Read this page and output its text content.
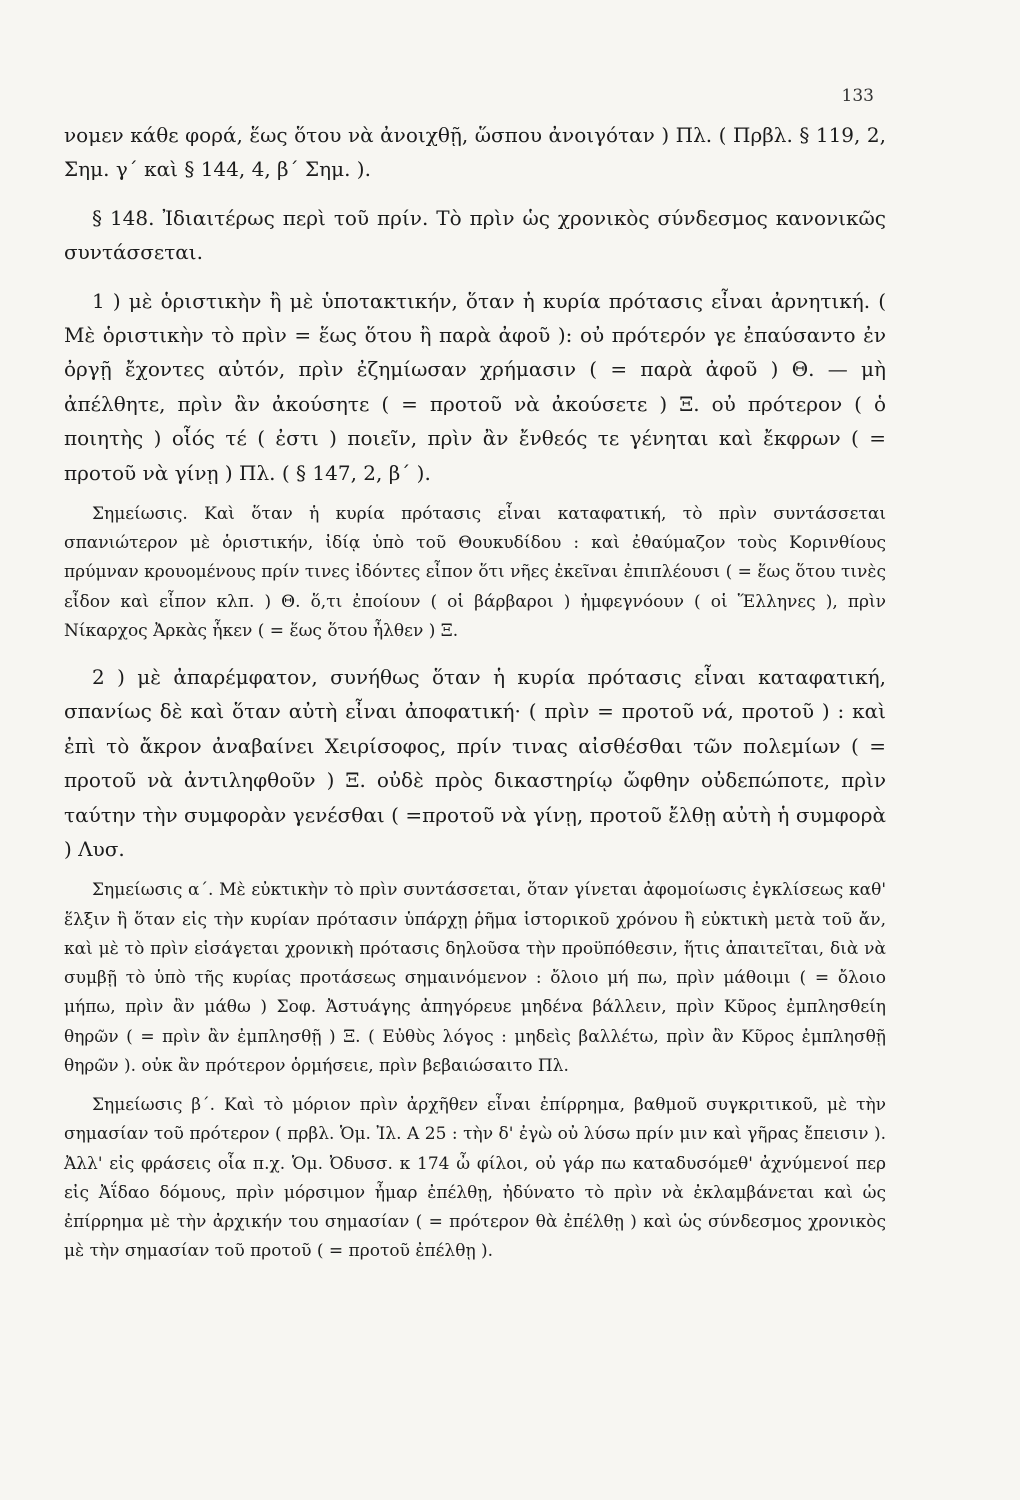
133

νομεν κάθε φορά, ἕως ὅτου νὰ ἀνοιχθῇ, ὥσπου ἀνοιγόταν ) Πλ. ( Πρβλ. § 119, 2, Σημ. γ΄ καὶ § 144, 4, β΄ Σημ. ).

§ 148. Ἰδιαιτέρως περὶ τοῦ πρίν. Τὸ πρὶν ὡς χρονικὸς σύνδεσμος κανονικῶς συντάσσεται.

1 ) μὲ ὁριστικὴν ἢ μὲ ὑποτακτικήν, ὅταν ἡ κυρία πρότασις εἶναι ἀρνητική. ( Μὲ ὁριστικὴν τὸ πρὶν = ἕως ὅτου ἢ παρὰ ἀφοῦ ): οὐ πρότερόν γε ἐπαύσαντο ἐν ὀργῇ ἔχοντες αὐτόν, πρὶν ἐζημίωσαν χρήμασιν ( = παρὰ ἀφοῦ ) Θ. — μὴ ἀπέλθητε, πρὶν ἂν ἀκούσητε ( = προτοῦ νὰ ἀκούσετε ) Ξ. οὐ πρότερον ( ὁ ποιητὴς ) οἷός τέ ( ἐστι ) ποιεῖν, πρὶν ἂν ἔνθεός τε γένηται καὶ ἔκφρων ( = προτοῦ νὰ γίνῃ ) Πλ. ( § 147, 2, β΄ ).

Σημείωσις. Καὶ ὅταν ἡ κυρία πρότασις εἶναι καταφατική, τὸ πρὶν συντάσσεται σπανιώτερον μὲ ὁριστικήν, ἰδίᾳ ὑπὸ τοῦ Θουκυδίδου : καὶ ἐθαύμαζον τοὺς Κορινθίους πρύμναν κρουομένους πρίν τινες ἰδόντες εἶπον ὅτι νῆες ἐκεῖναι ἐπιπλέουσι ( = ἕως ὅτου τινὲς εἶδον καὶ εἶπον κλπ. ) Θ. ὅ,τι ἐποίουν ( οἱ βάρβαροι ) ἠμφεγνόουν ( οἱ Ἕλληνες ), πρὶν Νίκαρχος Ἀρκὰς ἧκεν ( = ἕως ὅτου ἦλθεν ) Ξ.

2 ) μὲ ἀπαρέμφατον, συνήθως ὅταν ἡ κυρία πρότασις εἶναι καταφατική, σπανίως δὲ καὶ ὅταν αὐτὴ εἶναι ἀποφατική· ( πρὶν = προτοῦ νά, προτοῦ ) : καὶ ἐπὶ τὸ ἄκρον ἀναβαίνει Χειρίσοφος, πρίν τινας αἰσθέσθαι τῶν πολεμίων ( = προτοῦ νὰ ἀντιληφθοῦν ) Ξ. οὐδὲ πρὸς δικαστηρίῳ ὤφθην οὐδεπώποτε, πρὶν ταύτην τὴν συμφορὰν γενέσθαι ( =προτοῦ νὰ γίνῃ, προτοῦ ἔλθῃ αὐτὴ ἡ συμφορὰ ) Λυσ.

Σημείωσις α΄. Μὲ εὐκτικὴν τὸ πρὶν συντάσσεται, ὅταν γίνεται ἀφομοίωσις ἐγκλίσεως καθ' ἕλξιν ἢ ὅταν εἰς τὴν κυρίαν πρότασιν ὑπάρχῃ ῥῆμα ἱστορικοῦ χρόνου ἢ εὐκτικὴ μετὰ τοῦ ἄν, καὶ μὲ τὸ πρὶν εἰσάγεται χρονικὴ πρότασις δηλοῦσα τὴν προϋπόθεσιν, ἥτις ἀπαιτεῖται, διὰ νὰ συμβῇ τὸ ὑπὸ τῆς κυρίας προτάσεως σημαινόμενον : ὄλοιο μή πω, πρὶν μάθοιμι ( = ὄλοιο μήπω, πρὶν ἂν μάθω ) Σοφ. Ἀστυάγης ἀπηγόρευε μηδένα βάλλειν, πρὶν Κῦρος ἐμπλησθείη θηρῶν ( = πρὶν ἂν ἐμπλησθῇ ) Ξ. ( Εὐθὺς λόγος : μηδεὶς βαλλέτω, πρὶν ἂν Κῦρος ἐμπλησθῇ θηρῶν ). οὐκ ἂν πρότερον ὁρμήσειε, πρὶν βεβαιώσαιτο Πλ.

Σημείωσις β΄. Καὶ τὸ μόριον πρὶν ἀρχῆθεν εἶναι ἐπίρρημα, βαθμοῦ συγκριτικοῦ, μὲ τὴν σημασίαν τοῦ πρότερον ( πρβλ. Ὁμ. Ἰλ. Α 25 : τὴν δ' ἐγὼ οὐ λύσω πρίν μιν καὶ γῆρας ἔπεισιν ). Ἀλλ' εἰς φράσεις οἷα π.χ. Ὁμ. Ὀδυσσ. κ 174 ὦ φίλοι, οὐ γάρ πω καταδυσόμεθ' ἀχνύμενοί περ εἰς Ἀΐδαο δόμους, πρὶν μόρσιμον ἦμαρ ἐπέλθῃ, ἠδύνατο τὸ πρὶν νὰ ἐκλαμβάνεται καὶ ὡς ἐπίρρημα μὲ τὴν ἀρχικήν του σημασίαν ( = πρότερον θὰ ἐπέλθῃ ) καὶ ὡς σύνδεσμος χρονικὸς μὲ τὴν σημασίαν τοῦ προτοῦ ( = προτοῦ ἐπέλθῃ ).
